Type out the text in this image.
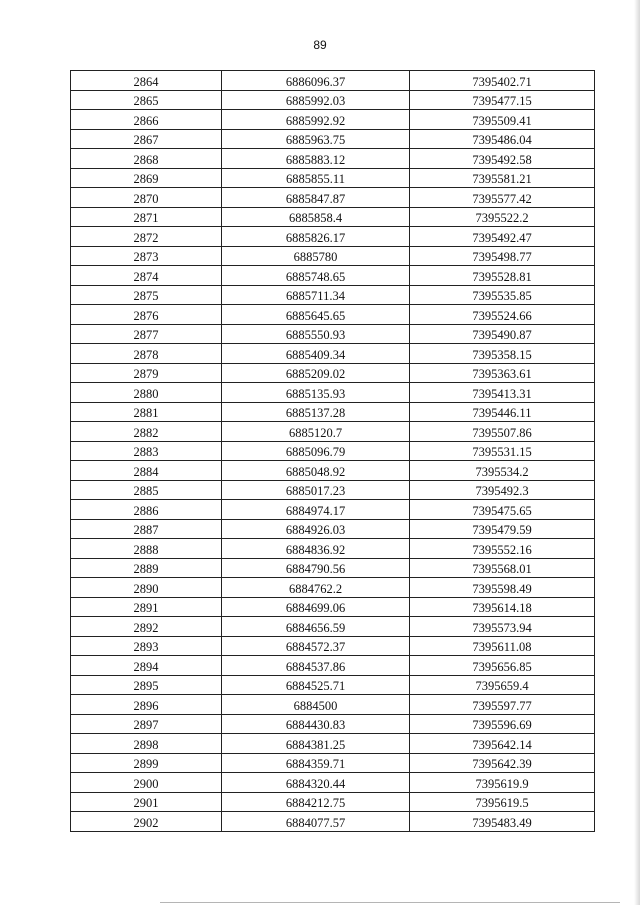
89
2864	6886096.37	7395402.71
2865	6885992.03	7395477.15
2866	6885992.92	7395509.41
2867	6885963.75	7395486.04
2868	6885883.12	7395492.58
2869	6885855.11	7395581.21
2870	6885847.87	7395577.42
2871	6885858.4	7395522.2
2872	6885826.17	7395492.47
2873	6885780	7395498.77
2874	6885748.65	7395528.81
2875	6885711.34	7395535.85
2876	6885645.65	7395524.66
2877	6885550.93	7395490.87
2878	6885409.34	7395358.15
2879	6885209.02	7395363.61
2880	6885135.93	7395413.31
2881	6885137.28	7395446.11
2882	6885120.7	7395507.86
2883	6885096.79	7395531.15
2884	6885048.92	7395534.2
2885	6885017.23	7395492.3
2886	6884974.17	7395475.65
2887	6884926.03	7395479.59
2888	6884836.92	7395552.16
2889	6884790.56	7395568.01
2890	6884762.2	7395598.49
2891	6884699.06	7395614.18
2892	6884656.59	7395573.94
2893	6884572.37	7395611.08
2894	6884537.86	7395656.85
2895	6884525.71	7395659.4
2896	6884500	7395597.77
2897	6884430.83	7395596.69
2898	6884381.25	7395642.14
2899	6884359.71	7395642.39
2900	6884320.44	7395619.9
2901	6884212.75	7395619.5
2902	6884077.57	7395483.49
